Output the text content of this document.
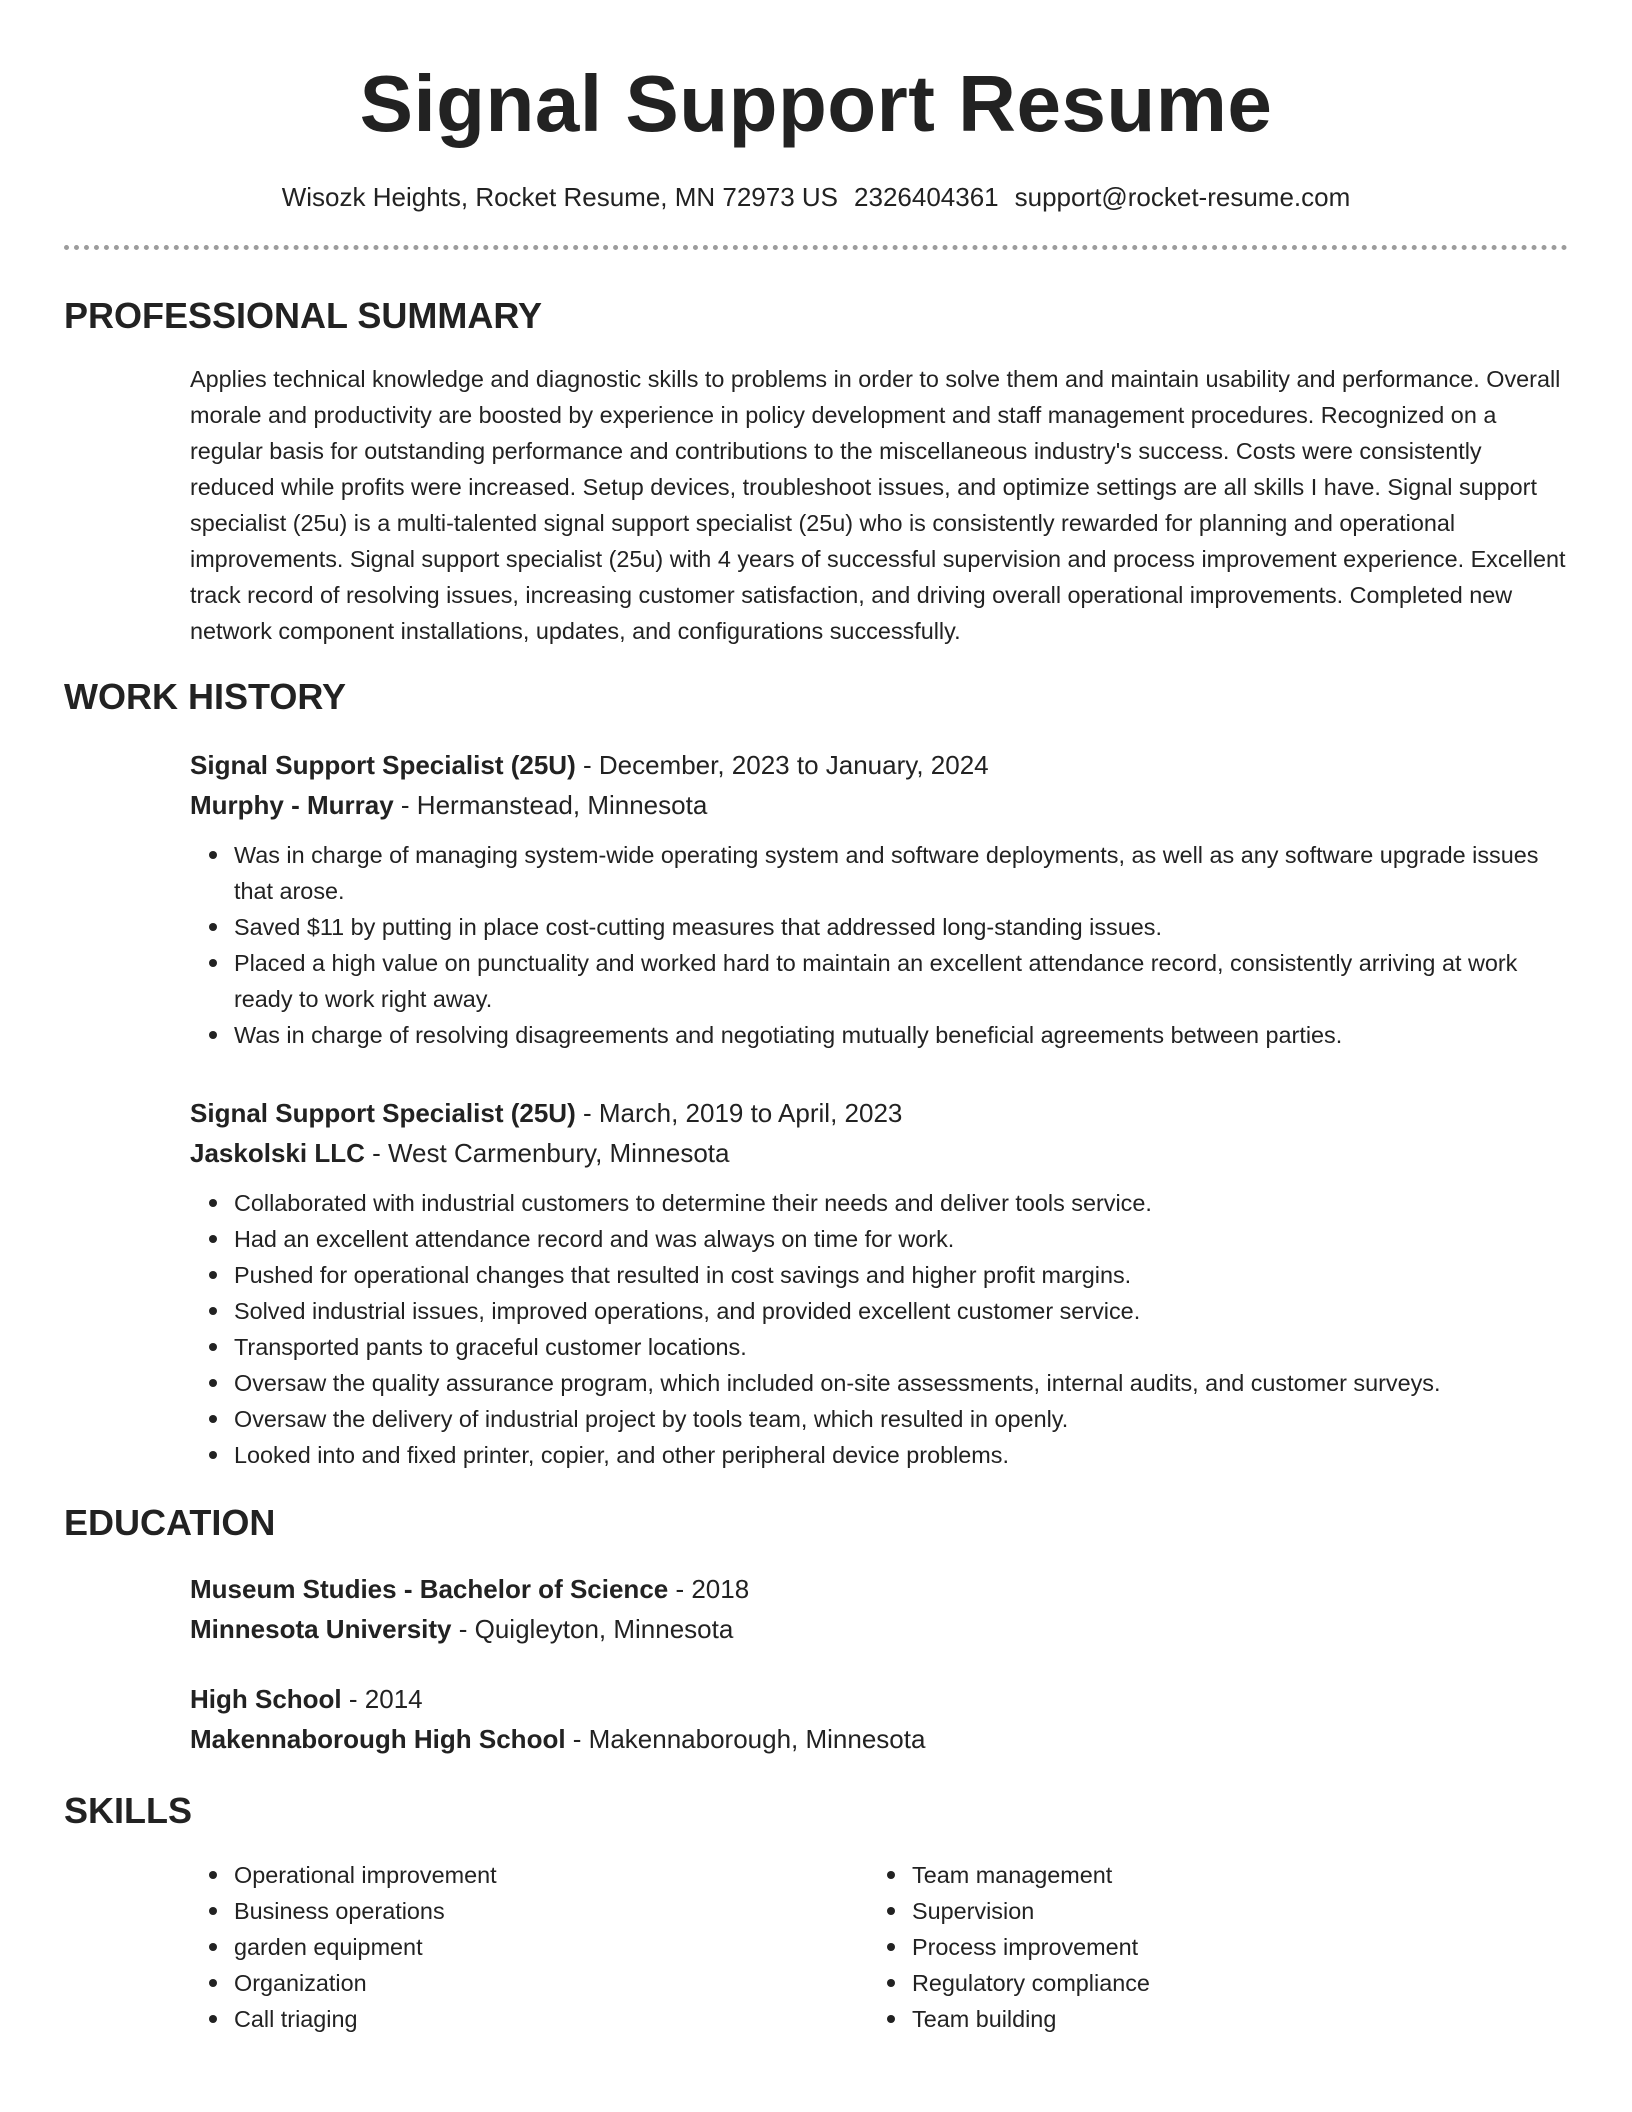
Signal Support Resume
Wisozk Heights, Rocket Resume, MN 72973 US 2326404361 support@rocket-resume.com
PROFESSIONAL SUMMARY

Applies technical knowledge and diagnostic skills to problems in order to solve them and maintain usability and performance. Overall morale and productivity are boosted by experience in policy development and staff management procedures. Recognized on a regular basis for outstanding performance and contributions to the miscellaneous industry's success. Costs were consistently reduced while profits were increased. Setup devices, troubleshoot issues, and optimize settings are all skills I have. Signal support specialist (25u) is a multi-talented signal support specialist (25u) who is consistently rewarded for planning and operational improvements. Signal support specialist (25u) with 4 years of successful supervision and process improvement experience. Excellent track record of resolving issues, increasing customer satisfaction, and driving overall operational improvements. Completed new network component installations, updates, and configurations successfully.

WORK HISTORY
Signal Support Specialist (25U) - December, 2023 to January, 2024
Murphy - Murray - Hermanstead, Minnesota
Was in charge of managing system-wide operating system and software deployments, as well as any software upgrade issues that arose.
Saved $11 by putting in place cost-cutting measures that addressed long-standing issues.
Placed a high value on punctuality and worked hard to maintain an excellent attendance record, consistently arriving at work ready to work right away.
Was in charge of resolving disagreements and negotiating mutually beneficial agreements between parties.
Signal Support Specialist (25U) - March, 2019 to April, 2023
Jaskolski LLC - West Carmenbury, Minnesota
Collaborated with industrial customers to determine their needs and deliver tools service.
Had an excellent attendance record and was always on time for work.
Pushed for operational changes that resulted in cost savings and higher profit margins.
Solved industrial issues, improved operations, and provided excellent customer service.
Transported pants to graceful customer locations.
Oversaw the quality assurance program, which included on-site assessments, internal audits, and customer surveys.
Oversaw the delivery of industrial project by tools team, which resulted in openly.
Looked into and fixed printer, copier, and other peripheral device problems.
EDUCATION
Museum Studies - Bachelor of Science - 2018
Minnesota University - Quigleyton, Minnesota
High School - 2014
Makennaborough High School - Makennaborough, Minnesota
SKILLS
Operational improvement
Business operations
garden equipment
Organization
Call triaging
Team management
Supervision
Process improvement
Regulatory compliance
Team building
